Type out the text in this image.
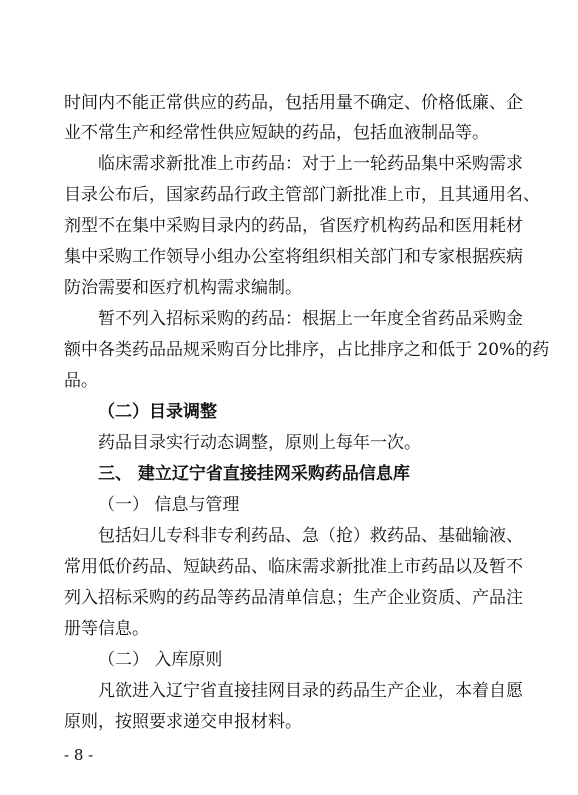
时间内不能正常供应的药品，包括用量不确定、价格低廉、企
业不常生产和经常性供应短缺的药品，包括血液制品等。
临床需求新批准上市药品：对于上一轮药品集中采购需求
目录公布后，国家药品行政主管部门新批准上市，且其通用名、
剂型不在集中采购目录内的药品，省医疗机构药品和医用耗材
集中采购工作领导小组办公室将组织相关部门和专家根据疾病
防治需要和医疗机构需求编制。
暂不列入招标采购的药品：根据上一年度全省药品采购金
额中各类药品品规采购百分比排序，占比排序之和低于 20%的药
品。
（二）目录调整
药品目录实行动态调整，原则上每年一次。
三、 建立辽宁省直接挂网采购药品信息库
（一） 信息与管理
包括妇儿专科非专利药品、急（抢）救药品、基础输液、
常用低价药品、短缺药品、临床需求新批准上市药品以及暂不
列入招标采购的药品等药品清单信息；生产企业资质、产品注
册等信息。
（二） 入库原则
凡欲进入辽宁省直接挂网目录的药品生产企业，本着自愿
原则，按照要求递交申报材料。
- 8 -
